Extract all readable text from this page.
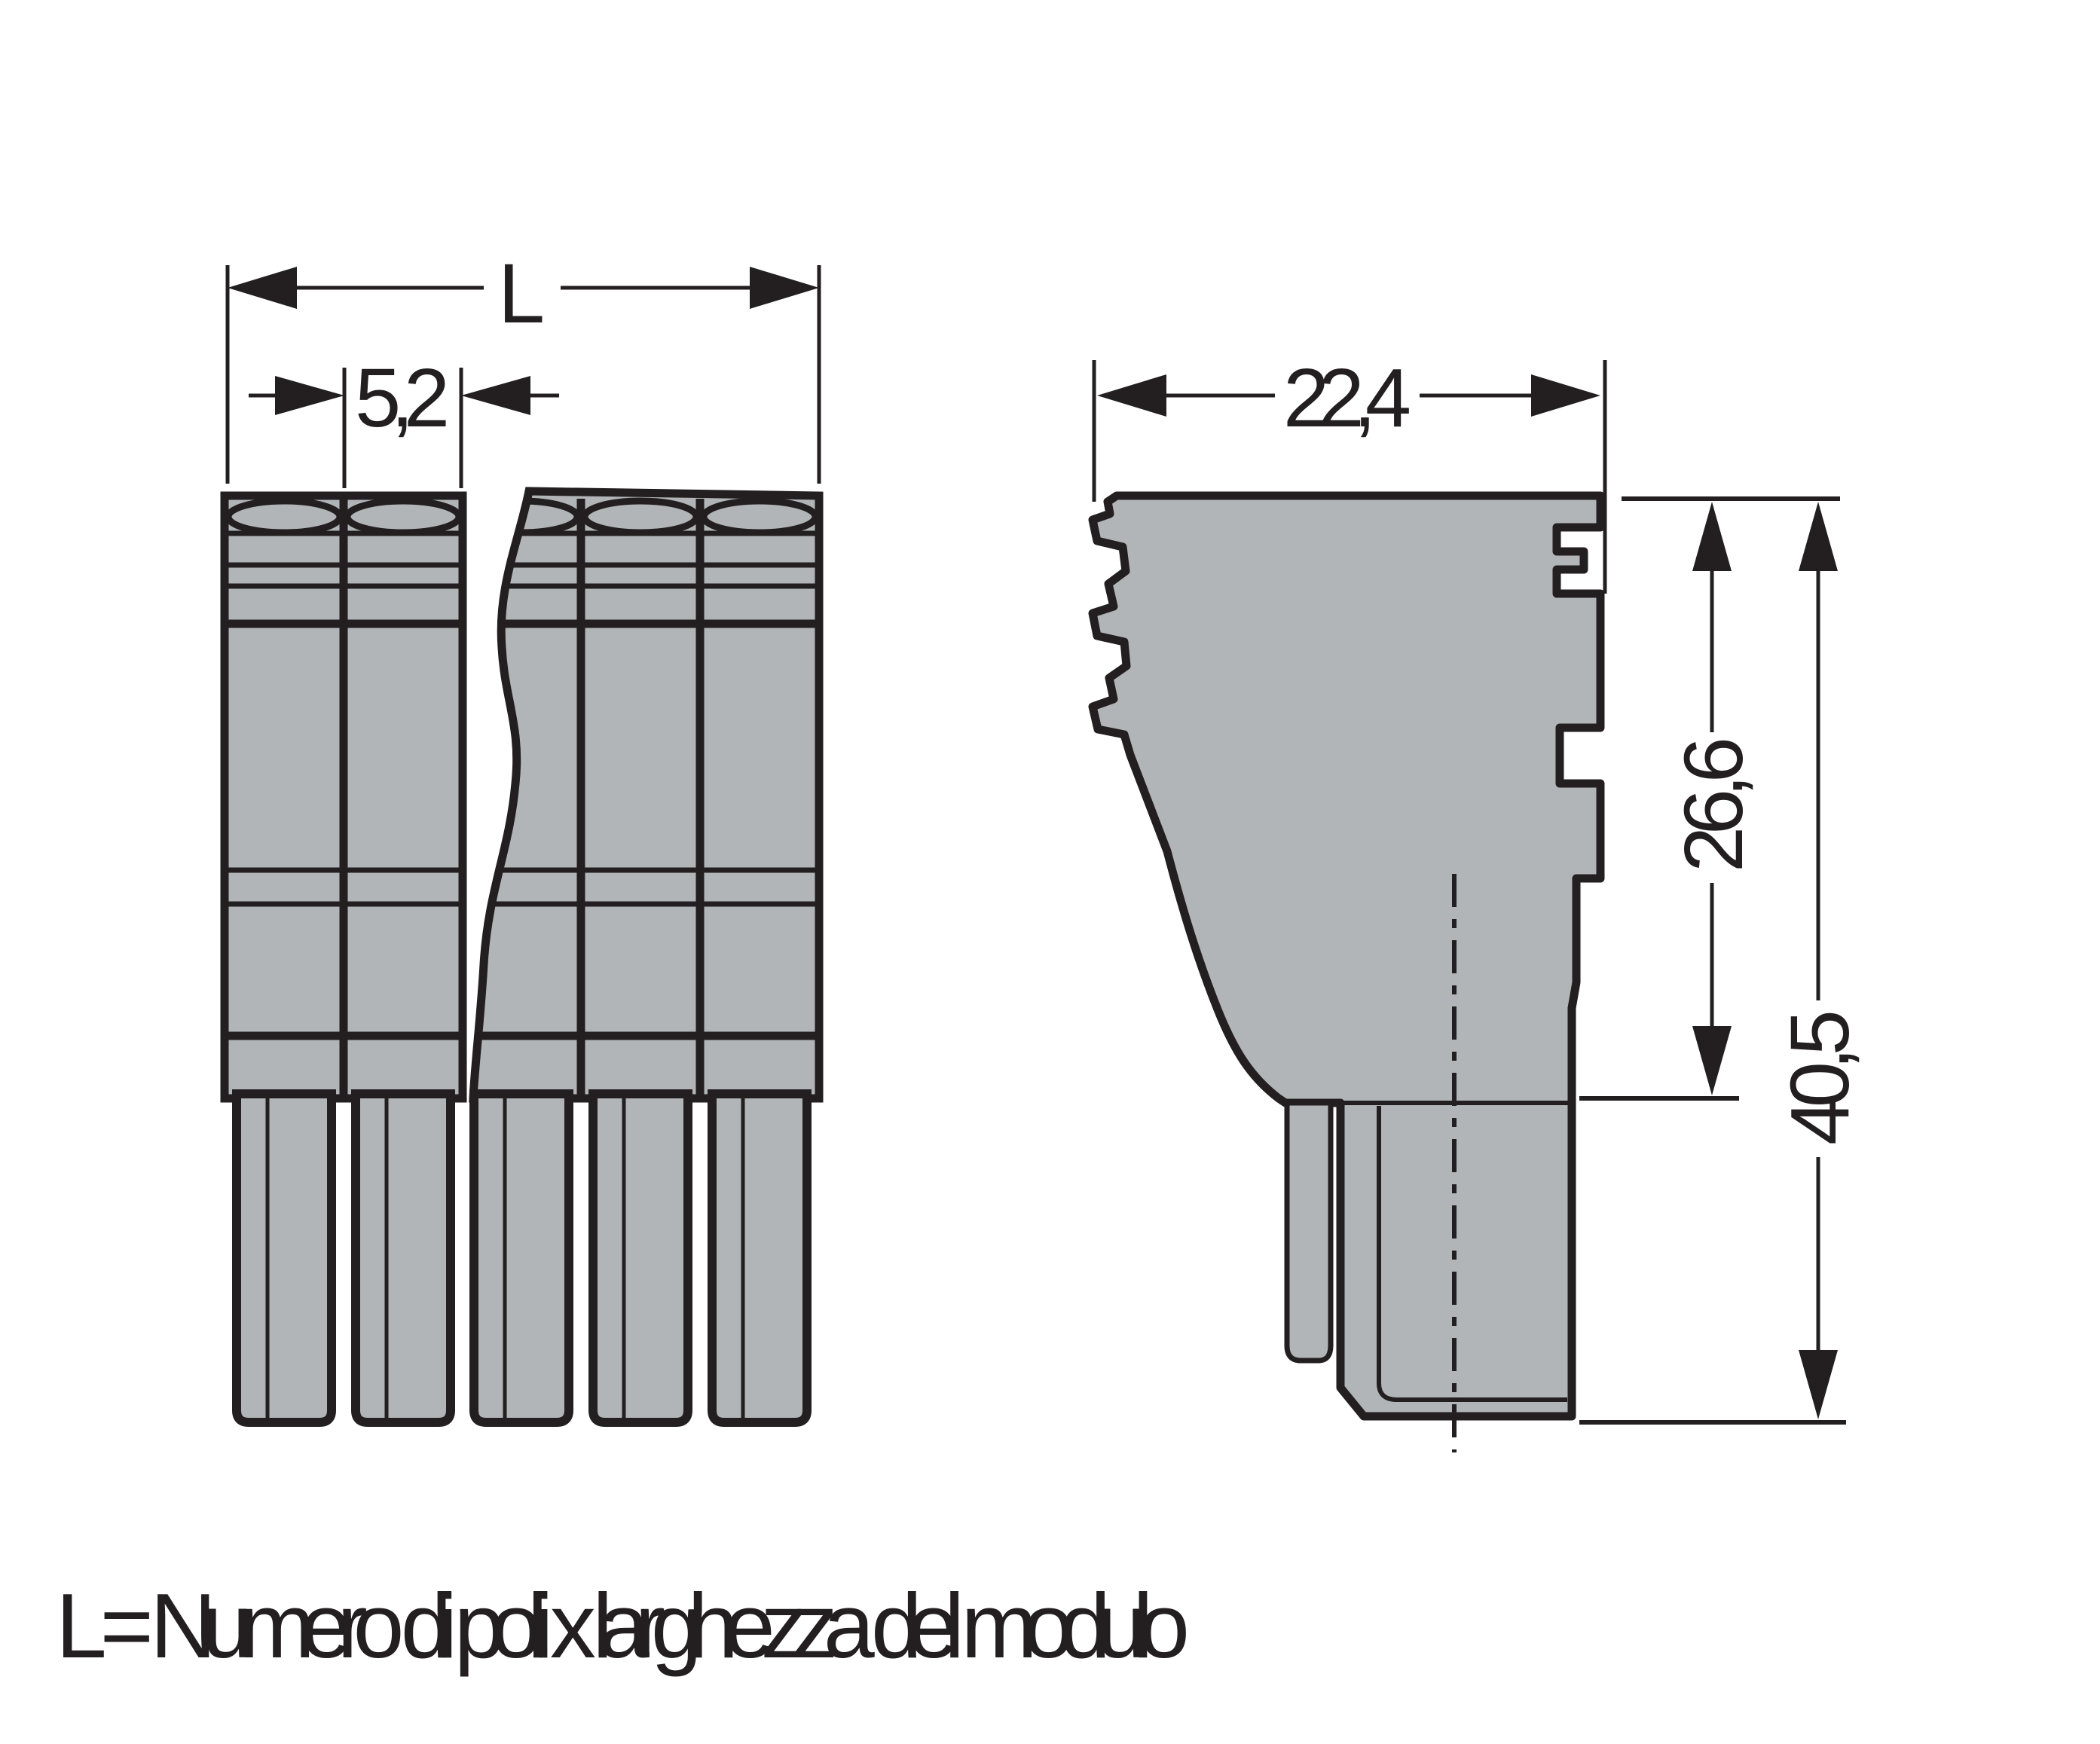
L
5,2	22,4
26,6
40,5
L = Numero di poli x larghezza del modulo
